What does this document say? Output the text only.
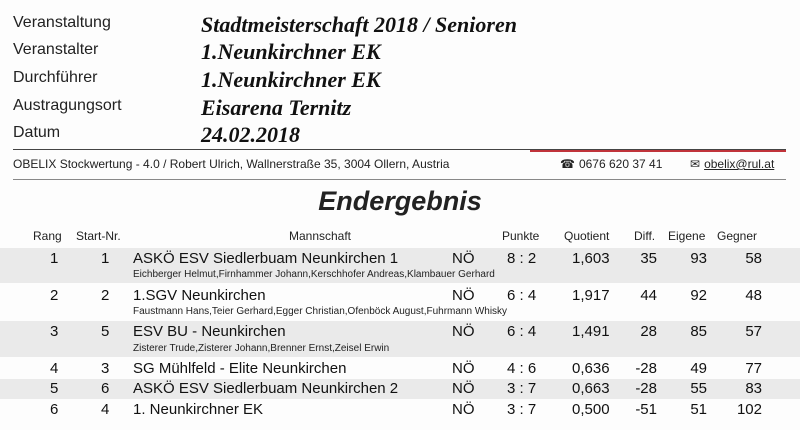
Veranstaltung	Stadtmeisterschaft 2018 / Senioren
Veranstalter	1.Neunkirchner EK
Durchführer	1.Neunkirchner EK
Austragungsort	Eisarena Ternitz
Datum	24.02.2018
OBELIX Stockwertung - 4.0 / Robert Ulrich, Wallnerstraße 35, 3004 Ollern, Austria	☎ 0676 620 37 41 ✉ obelix@rul.at
Endergebnis
Rang Start-Nr.	Mannschaft	Punkte Quotient Diff. Eigene Gegner
1	1 ASKÖ ESV Siedlerbuam Neunkirchen 1	NÖ 8 : 2 1,603	35	93	58
Eichberger Helmut,Firnhammer Johann,Kerschhofer Andreas,Klambauer Gerhard
2	2 1.SGV Neunkirchen	NÖ 6 : 4 1,917	44	92	48
Faustmann Hans,Teier Gerhard,Egger Christian,Ofenböck August,Fuhrmann Whisky
3	5 ESV BU - Neunkirchen	NÖ 6 : 4 1,491	28	85	57
Zisterer Trude,Zisterer Johann,Brenner Ernst,Zeisel Erwin
4	3 SG Mühlfeld - Elite Neunkirchen	NÖ 4 : 6 0,636	-28	49	77
5	6 ASKÖ ESV Siedlerbuam Neunkirchen 2	NÖ 3 : 7 0,663	-28	55	83
6	4 1. Neunkirchner EK	NÖ 3 : 7 0,500	-51	51	102
